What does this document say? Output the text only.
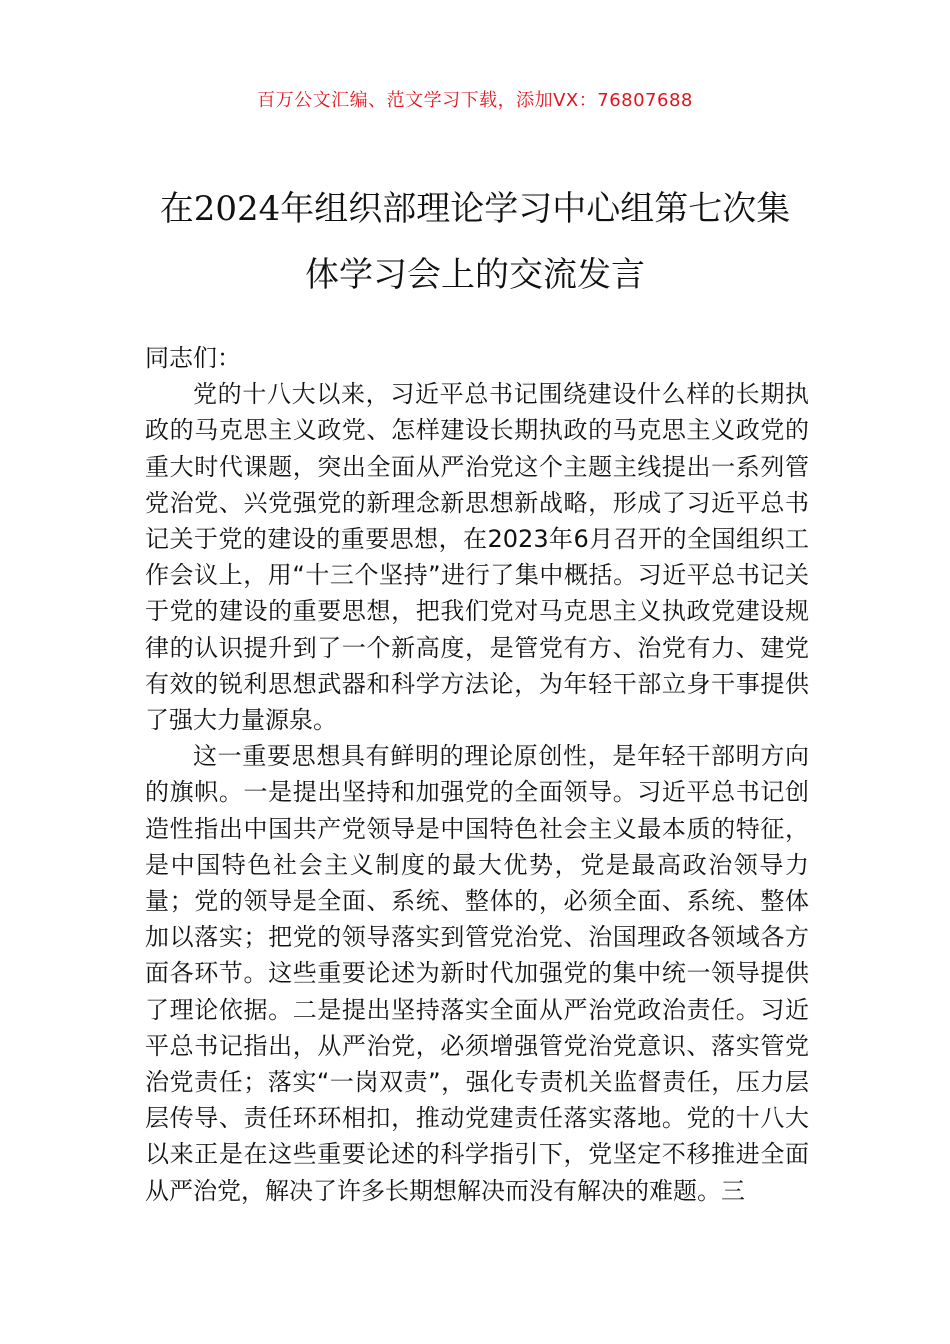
百万公文汇编、范文学习下载，添加VX：76807688
在2024年组织部理论学习中心组第七次集
体学习会上的交流发言

同志们：

党的十八大以来，习近平总书记围绕建设什么样的长期执政的马克思主义政党、怎样建设长期执政的马克思主义政党的重大时代课题，突出全面从严治党这个主题主线提出一系列管党治党、兴党强党的新理念新思想新战略，形成了习近平总书记关于党的建设的重要思想，在2023年6月召开的全国组织工作会议上，用“十三个坚持”进行了集中概括。习近平总书记关于党的建设的重要思想，把我们党对马克思主义执政党建设规律的认识提升到了一个新高度，是管党有方、治党有力、建党有效的锐利思想武器和科学方法论，为年轻干部立身干事提供了强大力量源泉。

这一重要思想具有鲜明的理论原创性，是年轻干部明方向的旗帜。一是提出坚持和加强党的全面领导。习近平总书记创造性指出中国共产党领导是中国特色社会主义最本质的特征，是中国特色社会主义制度的最大优势，党是最高政治领导力量；党的领导是全面、系统、整体的，必须全面、系统、整体加以落实；把党的领导落实到管党治党、治国理政各领域各方面各环节。这些重要论述为新时代加强党的集中统一领导提供了理论依据。二是提出坚持落实全面从严治党政治责任。习近平总书记指出，从严治党，必须增强管党治党意识、落实管党治党责任；落实“一岗双责”，强化专责机关监督责任，压力层层传导、责任环环相扣，推动党建责任落实落地。党的十八大以来正是在这些重要论述的科学指引下，党坚定不移推进全面从严治党，解决了许多长期想解决而没有解决的难题。三
